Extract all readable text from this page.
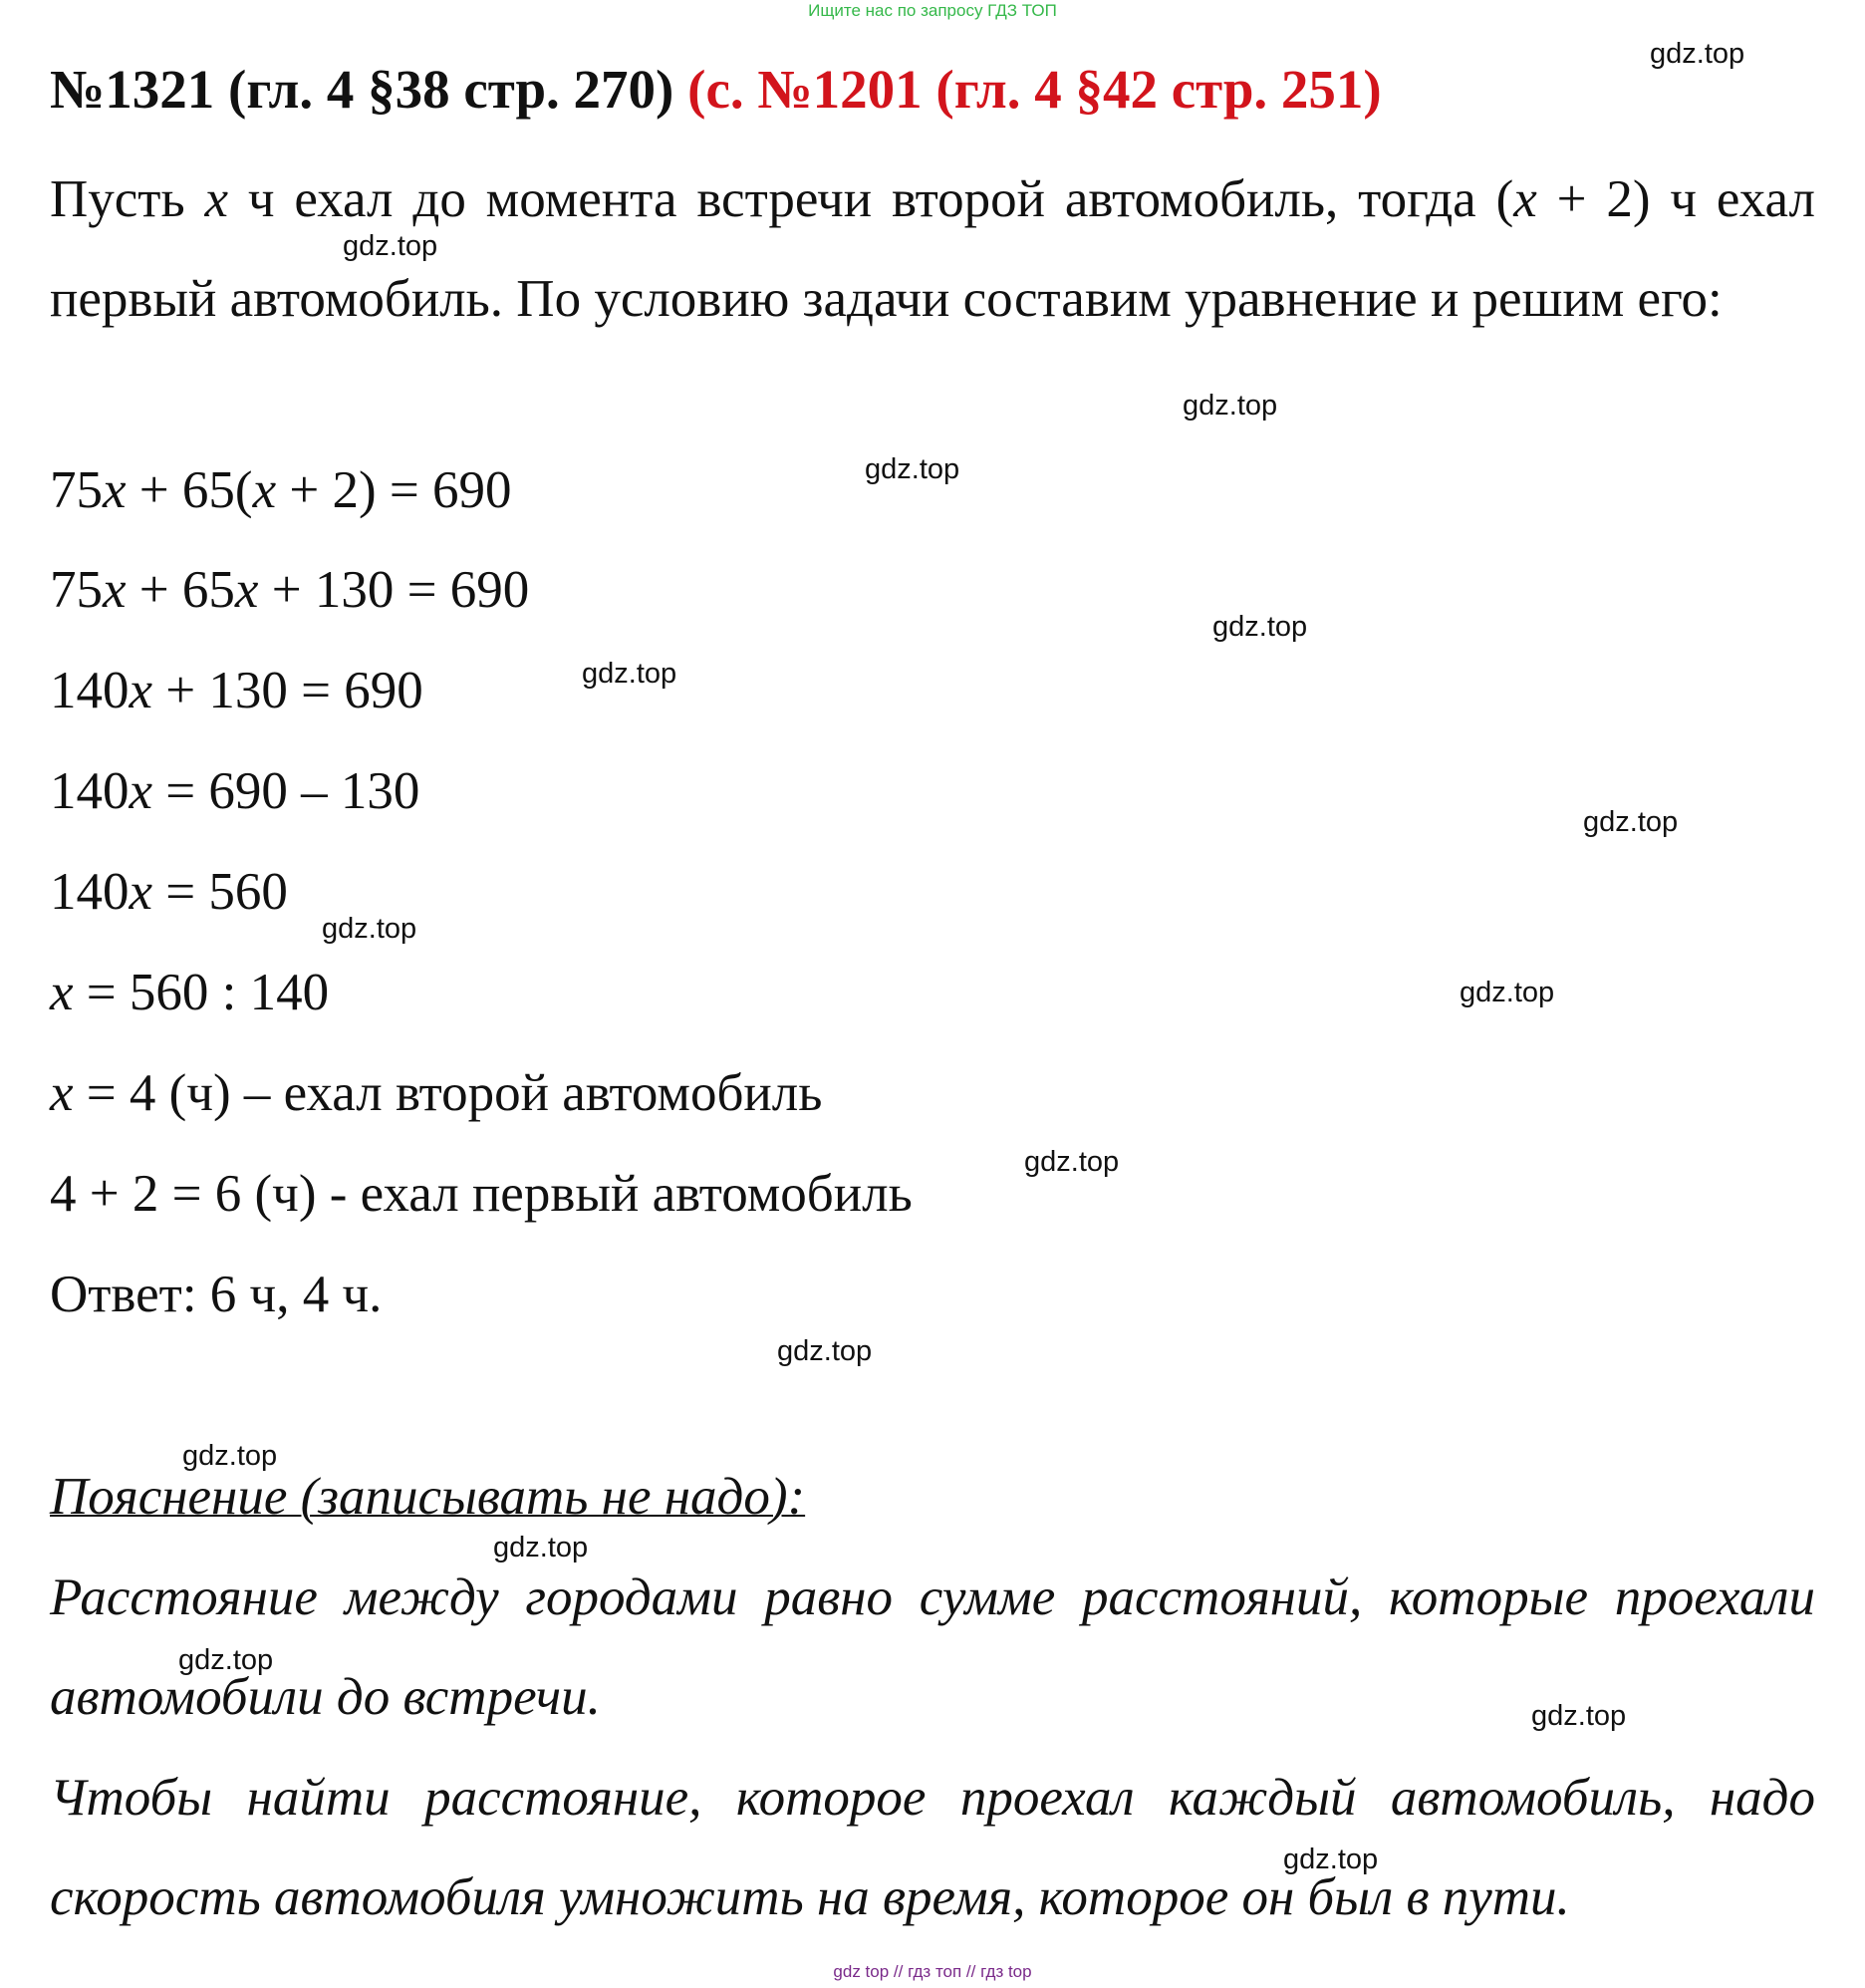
Ищите нас по запросу ГДЗ ТОП
№1321 (гл. 4 §38 стр. 270) (с. №1201 (гл. 4 §42 стр. 251)
Пусть x ч ехал до момента встречи второй автомобиль, тогда (x + 2) ч ехал первый автомобиль. По условию задачи составим уравнение и решим его:
75x + 65(x + 2) = 690
75x + 65x + 130 = 690
140x + 130 = 690
140x = 690 – 130
140x = 560
x = 560 : 140
x = 4 (ч) – ехал второй автомобиль
4 + 2 = 6 (ч) - ехал первый автомобиль
Ответ: 6 ч, 4 ч.
Пояснение (записывать не надо):
Расстояние между городами равно сумме расстояний, которые проехали автомобили до встречи.
Чтобы найти расстояние, которое проехал каждый автомобиль, надо скорость автомобиля умножить на время, которое он был в пути.
gdz.top
gdz.top
gdz.top
gdz.top
gdz.top
gdz.top
gdz.top
gdz.top
gdz.top
gdz.top
gdz.top
gdz.top
gdz.top
gdz.top
gdz.top
gdz.top
gdz top // гдз топ // гдз top
